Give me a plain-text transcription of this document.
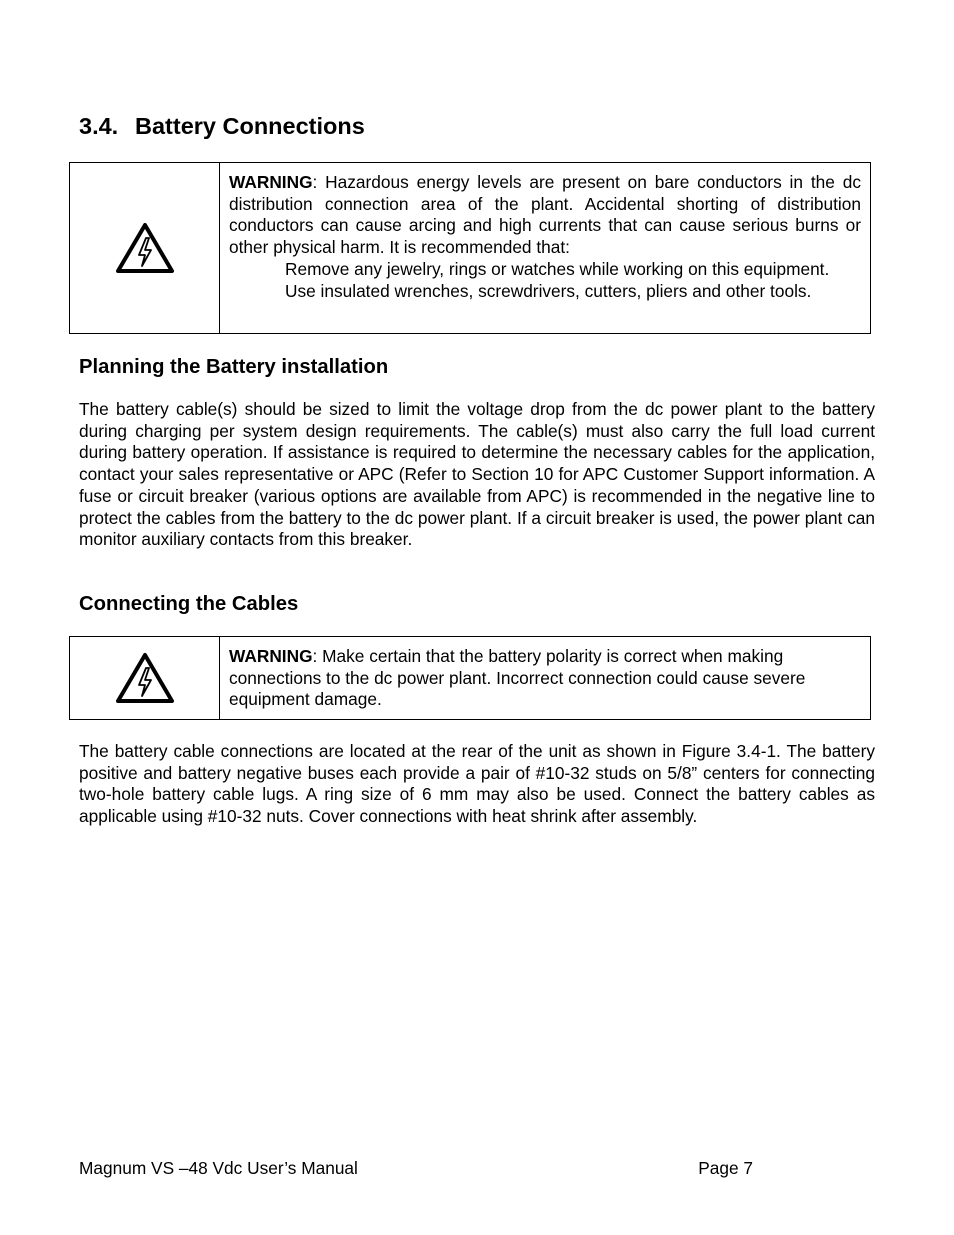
3.4. Battery Connections

WARNING: Hazardous energy levels are present on bare conductors in the dc distribution connection area of the plant. Accidental shorting of distribution conductors can cause arcing and high currents that can cause serious burns or other physical harm. It is recommended that:

Remove any jewelry, rings or watches while working on this equipment.

Use insulated wrenches, screwdrivers, cutters, pliers and other tools.

Planning the Battery installation

The battery cable(s) should be sized to limit the voltage drop from the dc power plant to the battery during charging per system design requirements. The cable(s) must also carry the full load current during battery operation. If assistance is required to determine the necessary cables for the application, contact your sales representative or APC (Refer to Section 10 for APC Customer Support information. A fuse or circuit breaker (various options are available from APC) is recommended in the negative line to protect the cables from the battery to the dc power plant. If a circuit breaker is used, the power plant can monitor auxiliary contacts from this breaker.

Connecting the Cables

WARNING: Make certain that the battery polarity is correct when making connections to the dc power plant. Incorrect connection could cause severe equipment damage.

The battery cable connections are located at the rear of the unit as shown in Figure 3.4-1. The battery positive and battery negative buses each provide a pair of #10-32 studs on 5/8” centers for connecting two-hole battery cable lugs. A ring size of 6 mm may also be used. Connect the battery cables as applicable using #10-32 nuts. Cover connections with heat shrink after assembly.

Magnum VS –48 Vdc User’s Manual	Page 7
